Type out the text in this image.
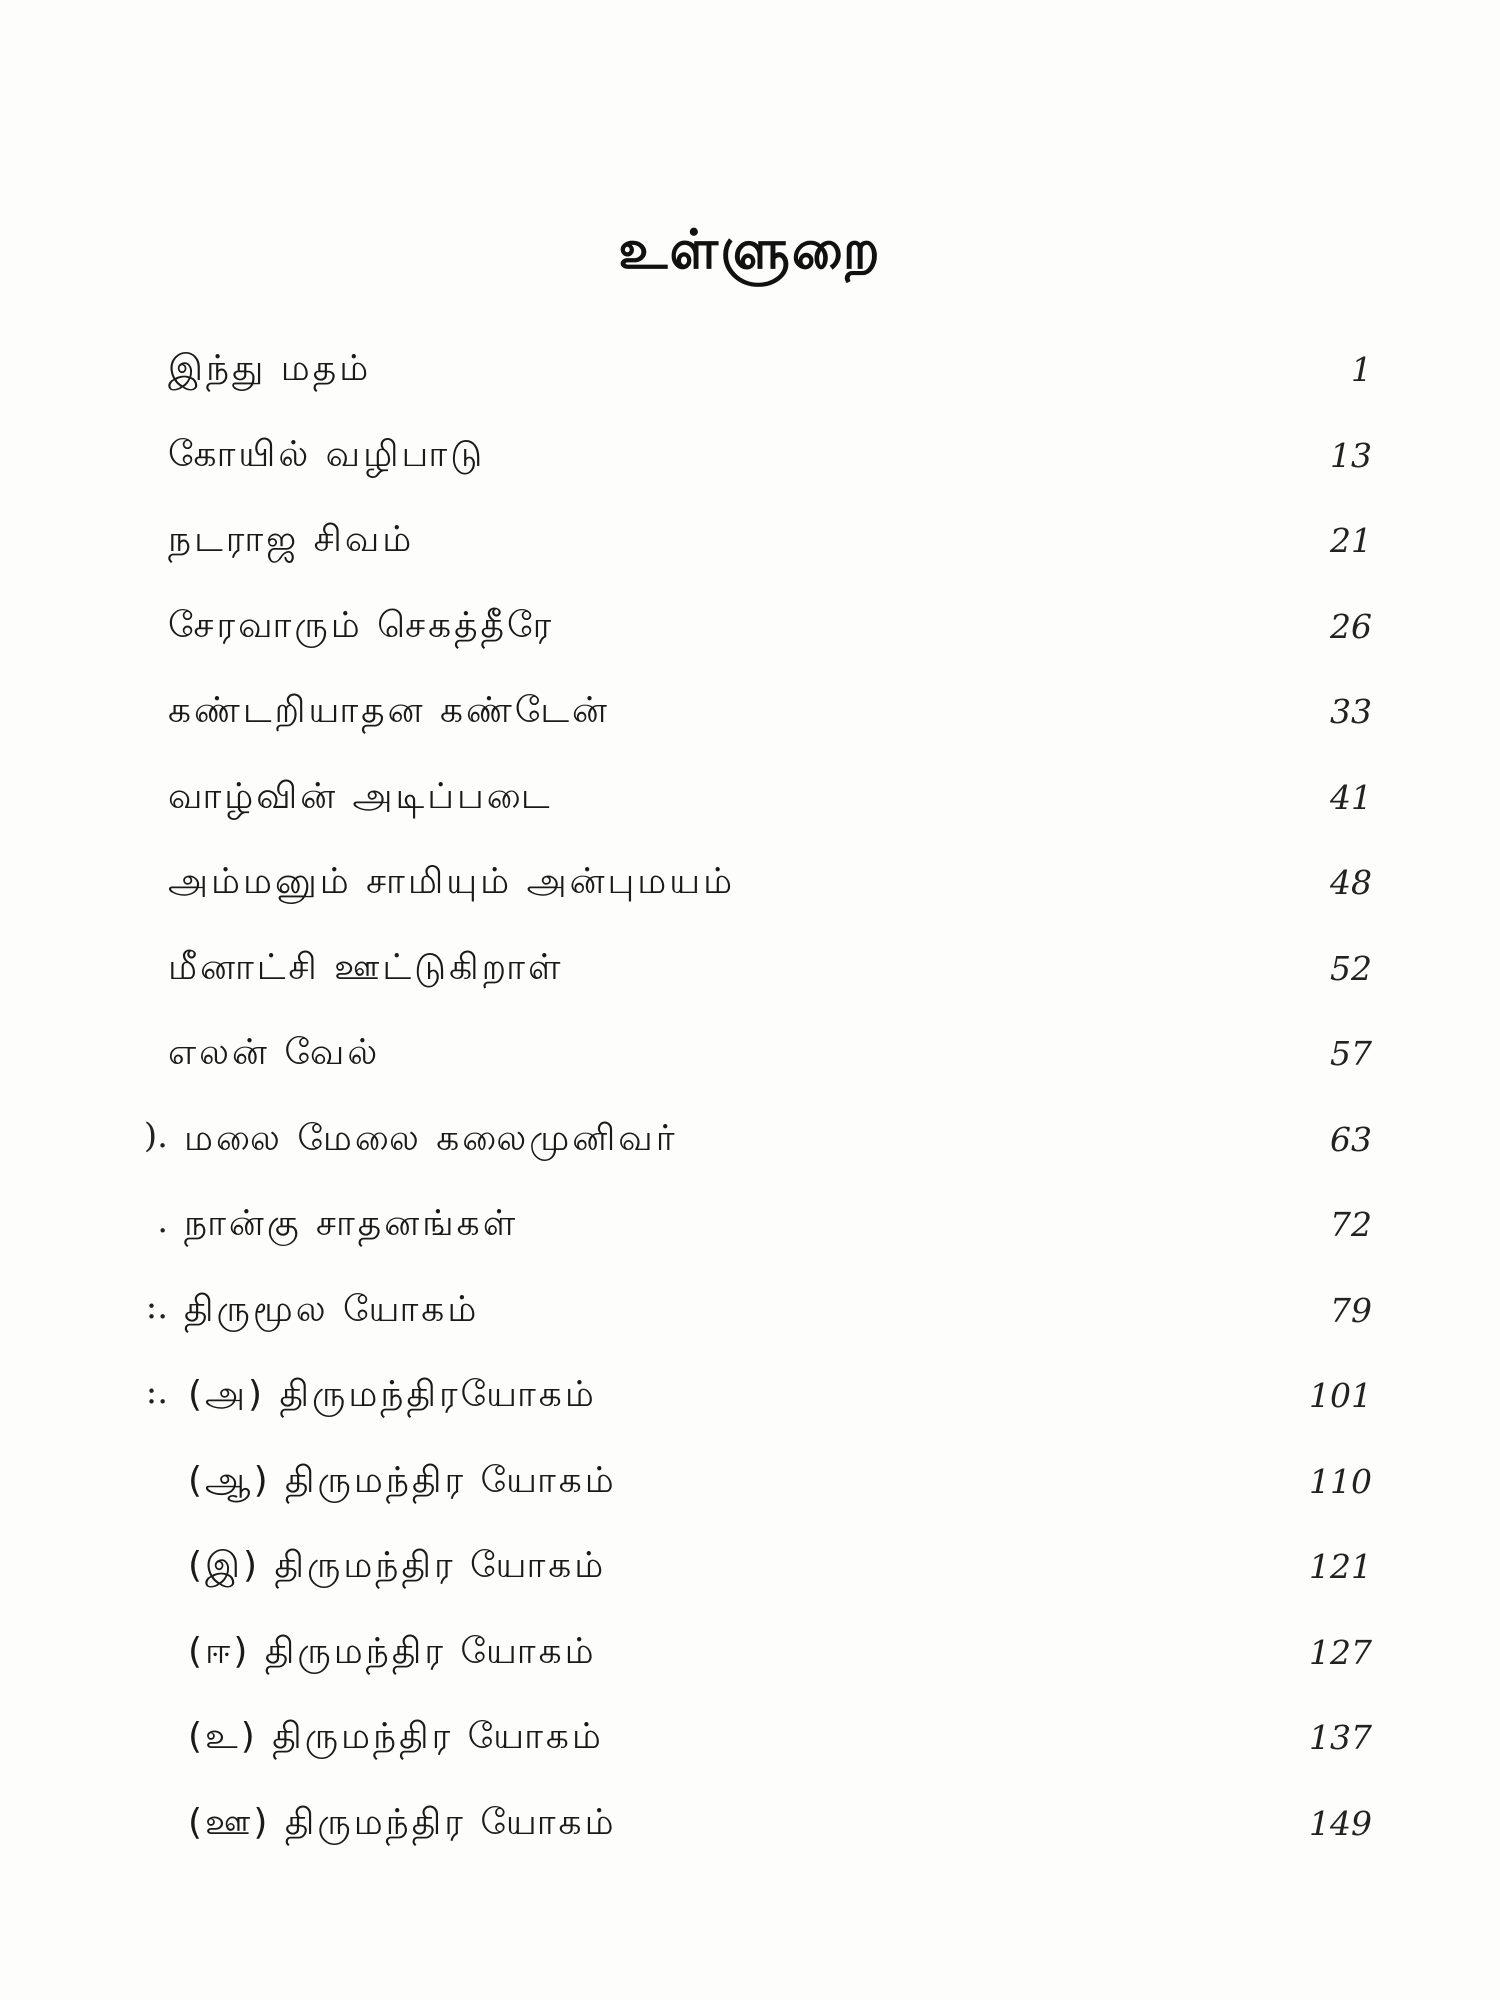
உள்ளுறை
இந்து மதம்	1
கோயில் வழிபாடு	13
நடராஜ சிவம்	21
சேரவாரும் செகத்தீரே	26
கண்டறியாதன கண்டேன்	33
வாழ்வின் அடிப்படை	41
அம்மனும் சாமியும் அன்புமயம்	48
மீனாட்சி ஊட்டுகிறாள்	52
எலன் வேல்	57
). மலை மேலை கலைமுனிவர்	63
. நான்கு சாதனங்கள்	72
:. திருமூல யோகம்	79
:. (அ) திருமந்திரயோகம்	101
(ஆ) திருமந்திர யோகம்	110
(இ) திருமந்திர யோகம்	121
(ஈ) திருமந்திர யோகம்	127
(உ) திருமந்திர யோகம்	137
(ஊ) திருமந்திர யோகம்	149
